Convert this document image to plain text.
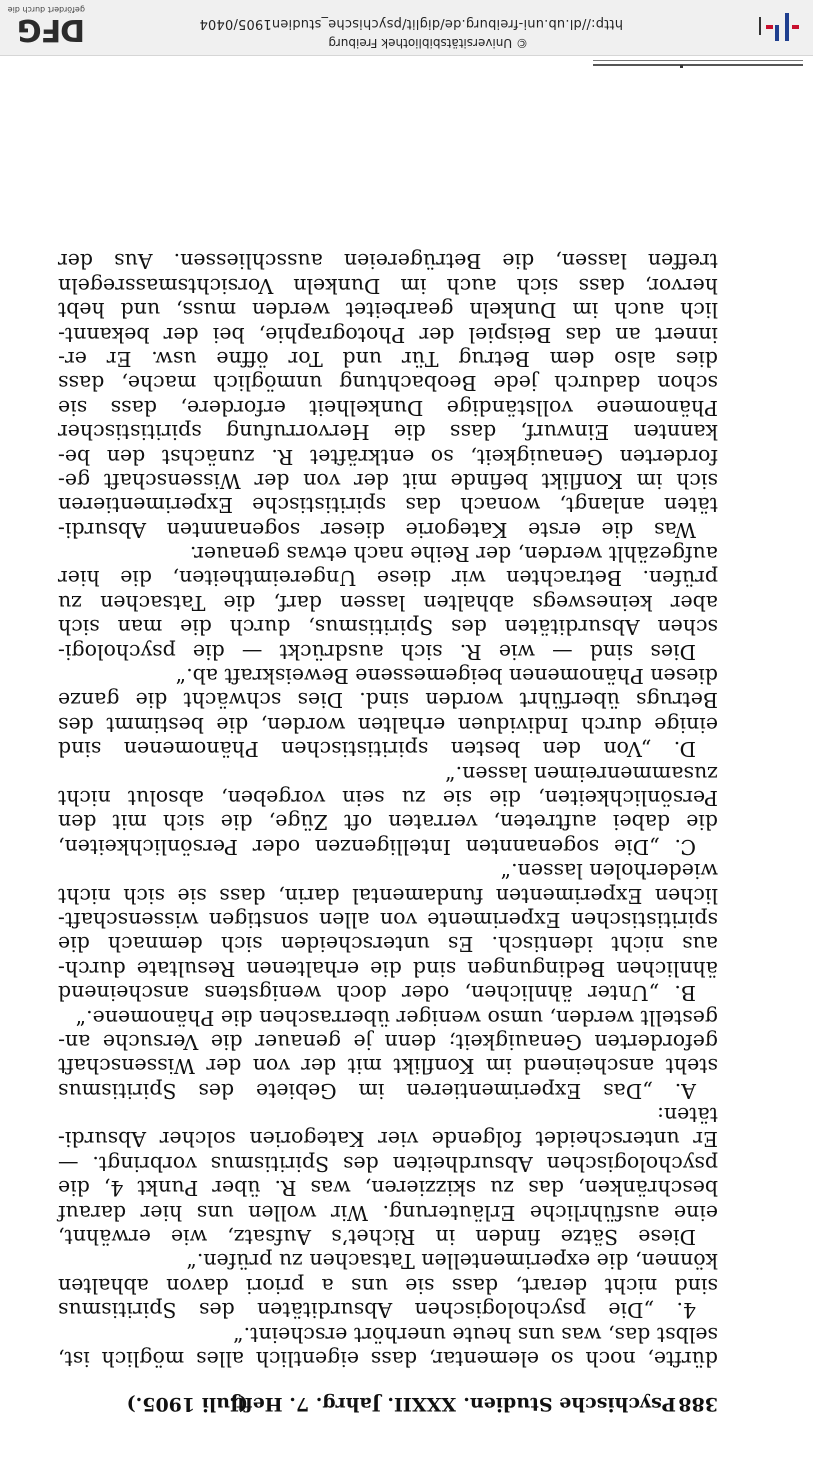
388
Psychische Studien.
XXXII. Jahrg. 7. Heft.
(Juli 1905.)
dürfte, noch so elementar, dass eigentlich alles möglich ist,
selbst das, was uns heute unerhört erscheint.“
4. „Die psychologischen Absurditäten des Spiritismus
sind nicht derart, dass sie uns a priori davon abhalten
können, die experimentellen Tatsachen zu prüfen.“
Diese Sätze finden in Richet’s Aufsatz, wie erwähnt,
eine ausführliche Erläuterung. Wir wollen uns hier darauf
beschränken, das zu skizzieren, was R. über Punkt 4, die
psychologischen Absurdheiten des Spiritismus vorbringt. —
Er unterscheidet folgende vier Kategorien solcher Absurdi-
täten:
A. „Das Experimentieren im Gebiete des Spiritismus
steht anscheinend im Konflikt mit der von der Wissenschaft
geforderten Genauigkeit; denn je genauer die Versuche an-
gestellt werden, umso weniger überraschen die Phänomene.“
B. „Unter ähnlichen, oder doch wenigstens anscheinend
ähnlichen Bedingungen sind die erhaltenen Resultate durch-
aus nicht identisch. Es unterscheiden sich demnach die
spiritistischen Experimente von allen sonstigen wissenschaft-
lichen Experimenten fundamental darin, dass sie sich nicht
wiederholen lassen.“
C. „Die sogenannten Intelligenzen oder Persönlichkeiten,
die dabei auftreten, verraten oft Züge, die sich mit den
Persönlichkeiten, die sie zu sein vorgeben, absolut nicht
zusammenreimen lassen.“
D. „Von den besten spiritistischen Phänomenen sind
einige durch Individuen erhalten worden, die bestimmt des
Betrugs überführt worden sind. Dies schwächt die ganze
diesen Phänomenen beigemessene Beweiskraft ab.“
Dies sind — wie R. sich ausdrückt — die psychologi-
schen Absurditäten des Spiritismus, durch die man sich
aber keineswegs abhalten lassen darf, die Tatsachen zu
prüfen. Betrachten wir diese Ungereimtheiten, die hier
aufgezählt werden, der Reihe nach etwas genauer.
Was die erste Kategorie dieser sogenannten Absurdi-
täten anlangt, wonach das spiritistische Experimentieren
sich im Konflikt befinde mit der von der Wissenschaft ge-
forderten Genauigkeit, so entkräftet R. zunächst den be-
kannten Einwurf, dass die Hervorrufung spiritistischer
Phänomene vollständige Dunkelheit erfordere, dass sie
schon dadurch jede Beobachtung unmöglich mache, dass
dies also dem Betrug Tür und Tor öffne usw. Er er-
innert an das Beispiel der Photographie, bei der bekannt-
lich auch im Dunkeln gearbeitet werden muss, und hebt
hervor, dass sich auch im Dunkeln Vorsichtsmassregeln
treffen lassen, die Betrügereien ausschliessen. Aus der
http://dl.ub.uni-freiburg.de/diglit/psychische_studien1905/0404
© Universitätsbibliothek Freiburg
DFG
gefördert durch die
